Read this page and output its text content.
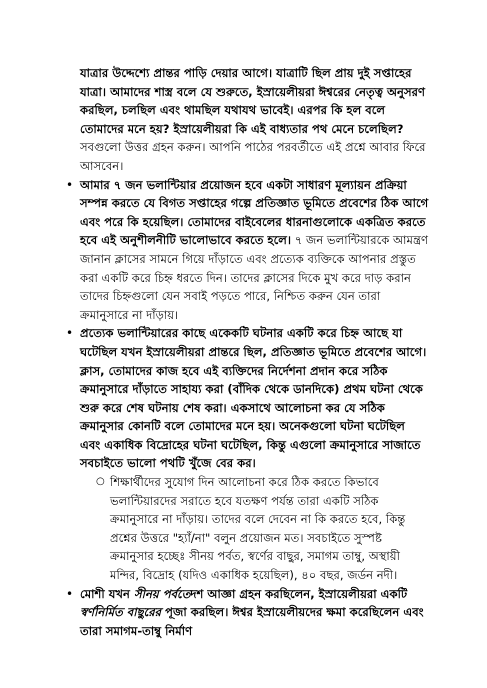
যাত্রার উদ্দেশ্যে প্রান্তর পাড়ি দেয়ার আগে। যাত্রাটি ছিল প্রায় দুই সপ্তাহের যাত্রা। আমাদের শাস্ত্র বলে যে শুরুতে, ইস্রায়েলীয়রা ঈশ্বরের নেতৃত্ব অনুসরণ করছিল, চলছিল এবং থামছিল যথাযথ ভাবেই। এরপর কি হল বলে তোমাদের মনে হয়? ইস্রায়েলীয়রা কি এই বাধ্যতার পথ মেনে চলেছিল? সবগুলো উত্তর গ্রহন করুন। আপনি পাঠের পরবর্তীতে এই প্রশ্নে আবার ফিরে আসবেন।

• আমার ৭ জন ভলান্টিয়ার প্রয়োজন হবে একটা সাধারণ মূল্যায়ন প্রক্রিয়া সম্পন্ন করতে যে বিগত সপ্তাহের গল্পে প্রতিজ্ঞাত ভূমিতে প্রবেশের ঠিক আগে এবং পরে কি হয়েছিল। তোমাদের বাইবেলের ধারনাগুলোকে একত্রিত করতে হবে এই অনুশীলনীটি ভালোভাবে করতে হলে। ৭ জন ভলান্টিয়ারকে আমন্ত্রণ জানান ক্লাসের সামনে গিয়ে দাঁড়াতে এবং প্রত্যেক ব্যক্তিকে আপনার প্রস্তুত করা একটি করে চিহ্ন ধরতে দিন। তাদের ক্লাসের দিকে মুখ করে দাড় করান তাদের চিহ্নগুলো যেন সবাই পড়তে পারে, নিশ্চিত করুন যেন তারা ক্রমানুসারে না দাঁড়ায়।

• প্রত্যেক ভলান্টিয়ারের কাছে একেকটি ঘটনার একটি করে চিহ্ন আছে যা ঘটেছিল যখন ইস্রায়েলীয়রা প্রান্তরে ছিল, প্রতিজ্ঞাত ভূমিতে প্রবেশের আগে। ক্লাস, তোমাদের কাজ হবে এই ব্যক্তিদের নির্দেশনা প্রদান করে সঠিক ক্রমানুসারে দাঁড়াতে সাহায্য করা (বাঁদিক থেকে ডানদিকে) প্রথম ঘটনা থেকে শুরু করে শেষ ঘটনায় শেষ করা। একসাথে আলোচনা কর যে সঠিক ক্রমানুসার কোনটি বলে তোমাদের মনে হয়। অনেকগুলো ঘটনা ঘটেছিল এবং একাধিক বিদ্রোহের ঘটনা ঘটেছিল, কিন্তু এগুলো ক্রমানুসারে সাজাতে সবচাইতে ভালো পথটি খুঁজে বের কর।

○ শিক্ষার্থীদের সুযোগ দিন আলোচনা করে ঠিক করতে কিভাবে ভলান্টিয়ারদের সরাতে হবে যতক্ষণ পর্যন্ত তারা একটি সঠিক ক্রমানুসারে না দাঁড়ায়। তাদের বলে দেবেন না কি করতে হবে, কিন্তু প্রশ্নের উত্তরে "হ্যাঁ/না" বলুন প্রয়োজন মত। সবচাইতে সুস্পষ্ট ক্রমানুসার হচ্ছেঃ সীনয় পর্বত, স্বর্ণের বাছুর, সমাগম তাম্বু, অস্থায়ী মন্দির, বিদ্রোহ (যদিও একাধিক হয়েছিল), ৪০ বছর, জর্ডন নদী।

• মোশী যখন সীনয় পর্বতেদশ আজ্ঞা গ্রহন করছিলেন, ইস্রায়েলীয়রা একটি স্বর্ণনির্মিত বাছুরের পূজা করছিল। ঈশ্বর ইস্রায়েলীয়দের ক্ষমা করেছিলেন এবং তারা সমাগম-তাম্বু নির্মাণ
